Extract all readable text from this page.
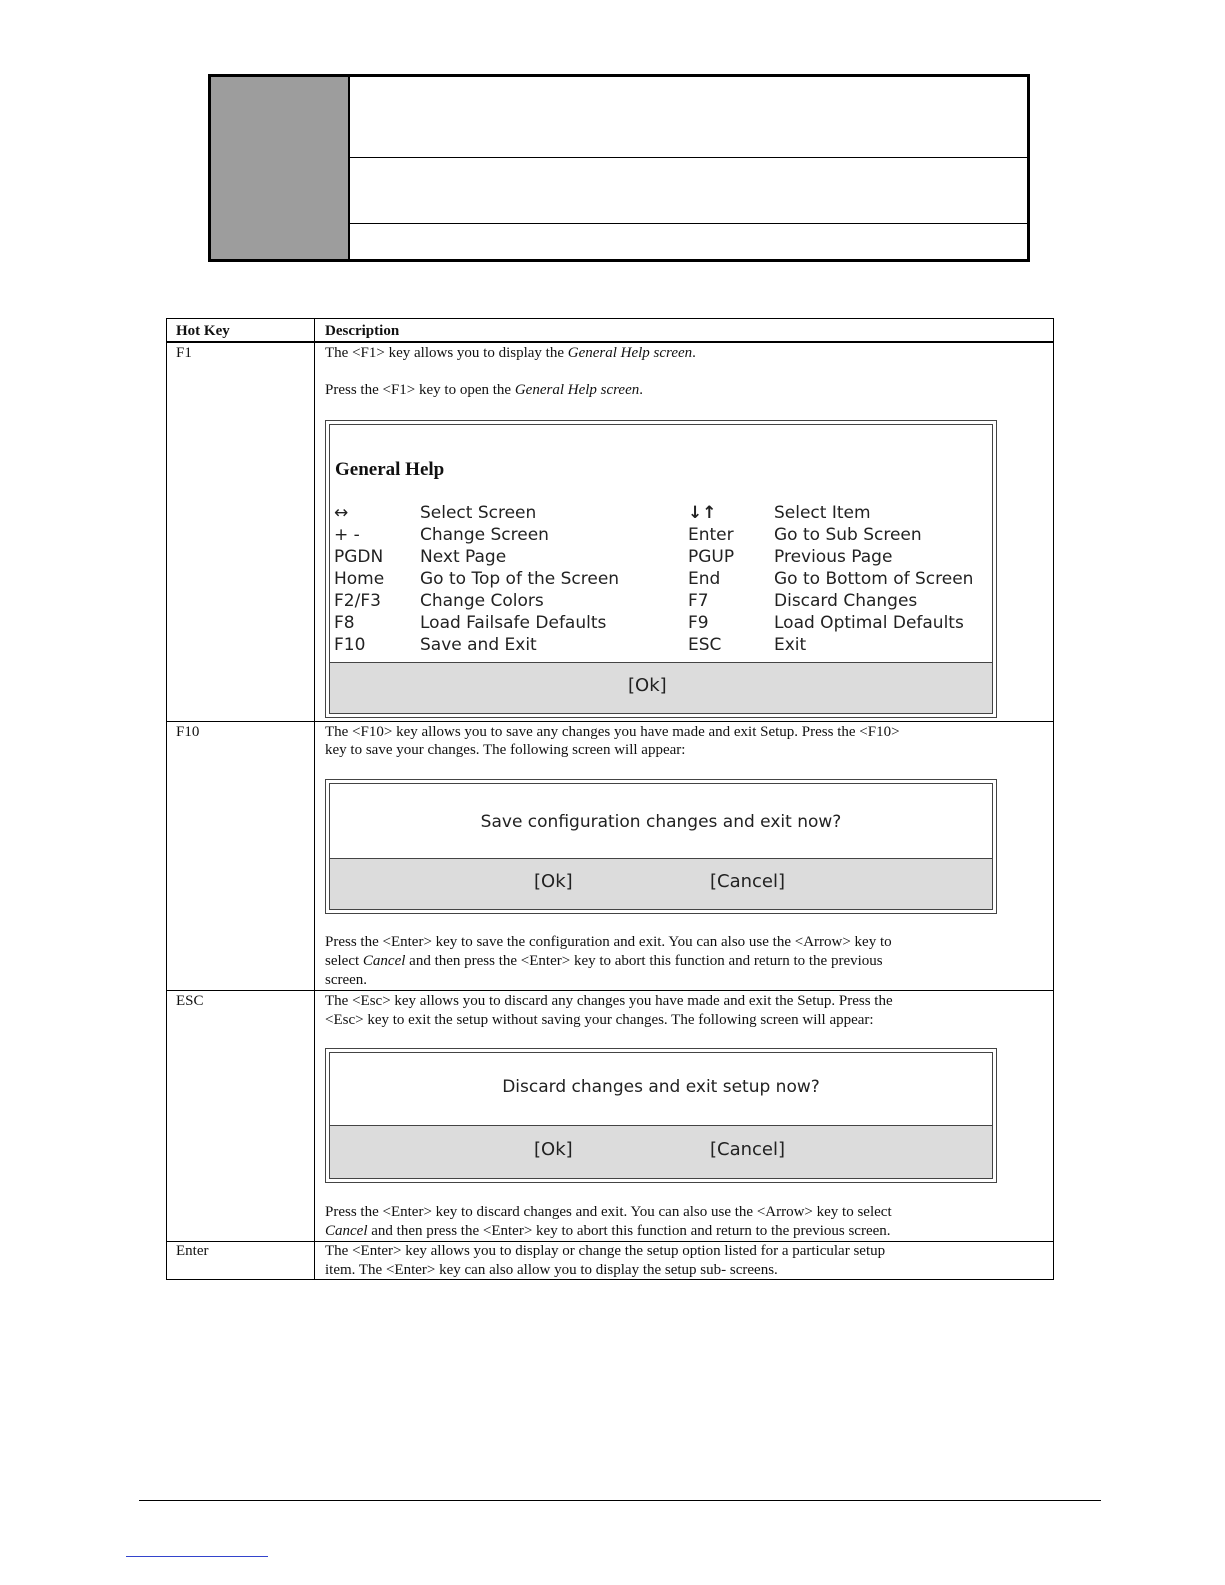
Hot Key	Description
F1	The <F1> key allows you to display the General Help screen.
Press the <F1> key to open the General Help screen.
General Help
↔	Select Screen	↓↑	Select Item
+ -	Change Screen	Enter Go to Sub Screen
PGDN Next Page	PGUP Previous Page
Home Go to Top of the Screen	End	Go to Bottom of Screen
F2/F3 Change Colors	F7	Discard Changes
F8	Load Failsafe Defaults	F9	Load Optimal Defaults
F10	Save and Exit	ESC	Exit
[Ok]
F10	The <F10> key allows you to save any changes you have made and exit Setup. Press the <F10>
key to save your changes. The following screen will appear:
Save configuration changes and exit now?
[Ok]	[Cancel]
Press the <Enter> key to save the configuration and exit. You can also use the <Arrow> key to
select Cancel and then press the <Enter> key to abort this function and return to the previous
screen.
ESC	The <Esc> key allows you to discard any changes you have made and exit the Setup. Press the
<Esc> key to exit the setup without saving your changes. The following screen will appear:
Discard changes and exit setup now?
[Ok]	[Cancel]
Press the <Enter> key to discard changes and exit. You can also use the <Arrow> key to select
Cancel and then press the <Enter> key to abort this function and return to the previous screen.
Enter	The <Enter> key allows you to display or change the setup option listed for a particular setup
item. The <Enter> key can also allow you to display the setup sub- screens.
